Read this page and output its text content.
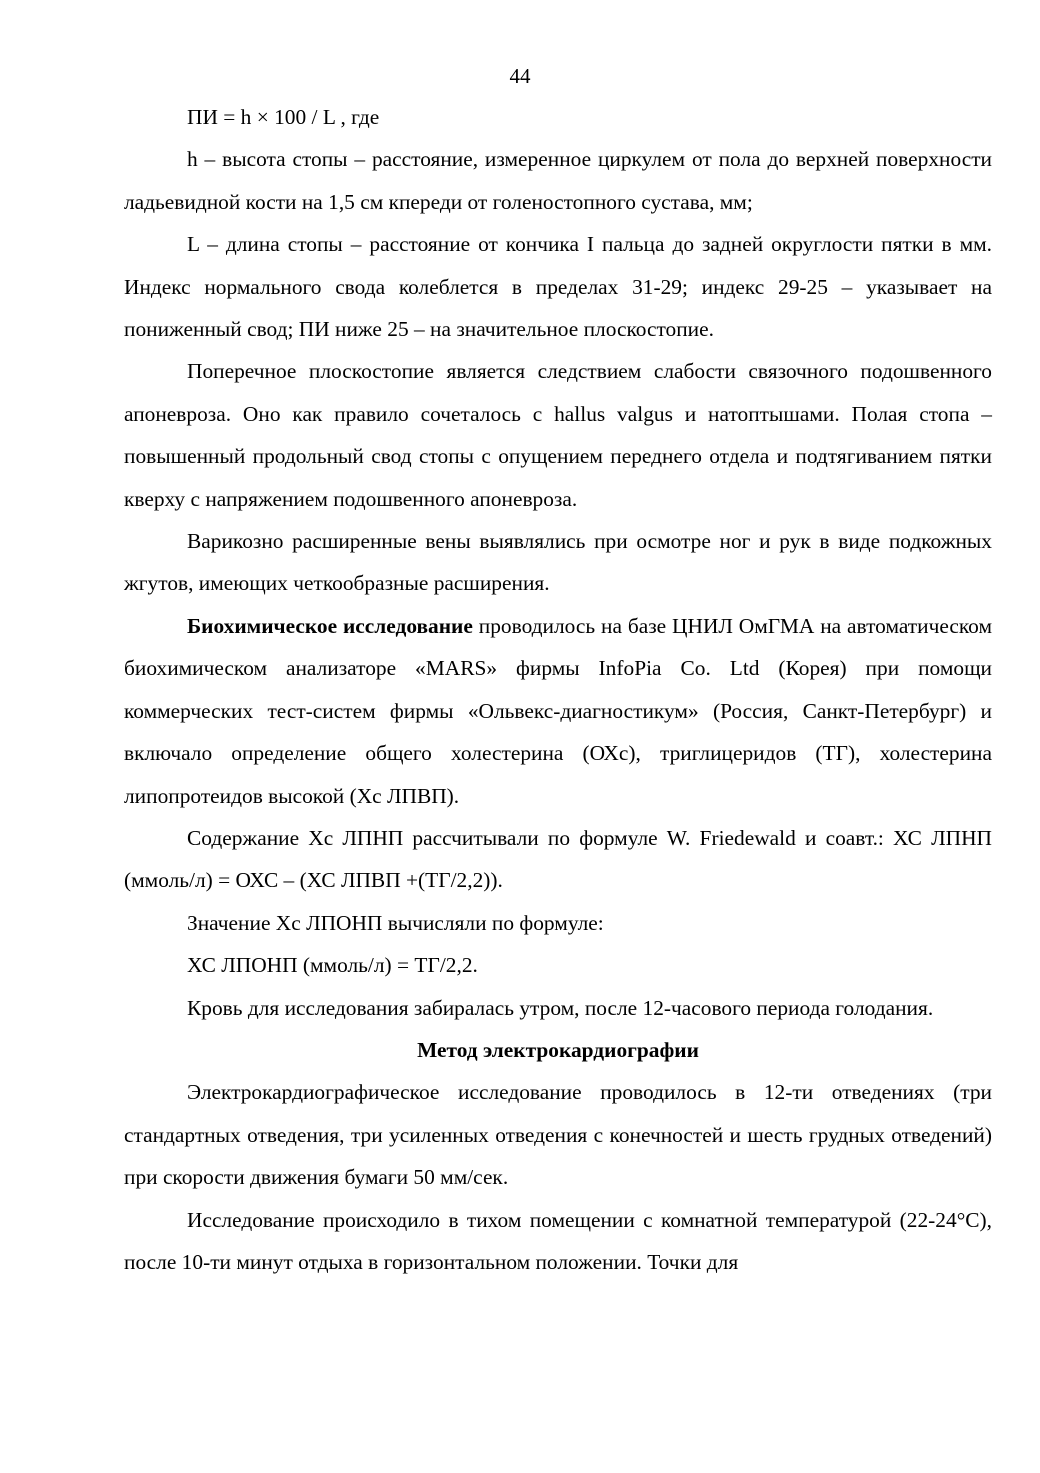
44

ПИ = h × 100 / L , где

h – высота стопы – расстояние, измеренное циркулем от пола до верхней поверхности ладьевидной кости на 1,5 см кпереди от голеностопного сустава, мм;

L – длина стопы – расстояние от кончика I пальца до задней округлости пятки в мм. Индекс нормального свода колеблется в пределах 31-29; индекс 29-25 – указывает на пониженный свод; ПИ ниже 25 – на значительное плоскостопие.

Поперечное плоскостопие является следствием слабости связочного подошвенного апоневроза. Оно как правило сочеталось с hallus valgus и натоптышами. Полая стопа – повышенный продольный свод стопы с опущением переднего отдела и подтягиванием пятки кверху с напряжением подошвенного апоневроза.

Варикозно расширенные вены выявлялись при осмотре ног и рук в виде подкожных жгутов, имеющих четкообразные расширения.

Биохимическое исследование проводилось на базе ЦНИЛ ОмГМА на автоматическом биохимическом анализаторе «MARS» фирмы InfoPia Co. Ltd (Корея) при помощи коммерческих тест-систем фирмы «Ольвекс-диагностикум» (Россия, Санкт-Петербург) и включало определение общего холестерина (ОХс), триглицеридов (ТГ), холестерина липопротеидов высокой (Хс ЛПВП).

Содержание Хс ЛПНП рассчитывали по формуле W. Friedewald и соавт.: ХС ЛПНП (ммоль/л) = ОХС – (ХС ЛПВП +(ТГ/2,2)).

Значение Хс ЛПОНП вычисляли по формуле:

ХС ЛПОНП (ммоль/л) = ТГ/2,2.

Кровь для исследования забиралась утром, после 12-часового периода голодания.

Метод электрокардиографии

Электрокардиографическое исследование проводилось в 12-ти отведениях (три стандартных отведения, три усиленных отведения с конечностей и шесть грудных отведений) при скорости движения бумаги 50 мм/сек.

Исследование происходило в тихом помещении с комнатной температурой (22-24°С), после 10-ти минут отдыха в горизонтальном положении. Точки для
